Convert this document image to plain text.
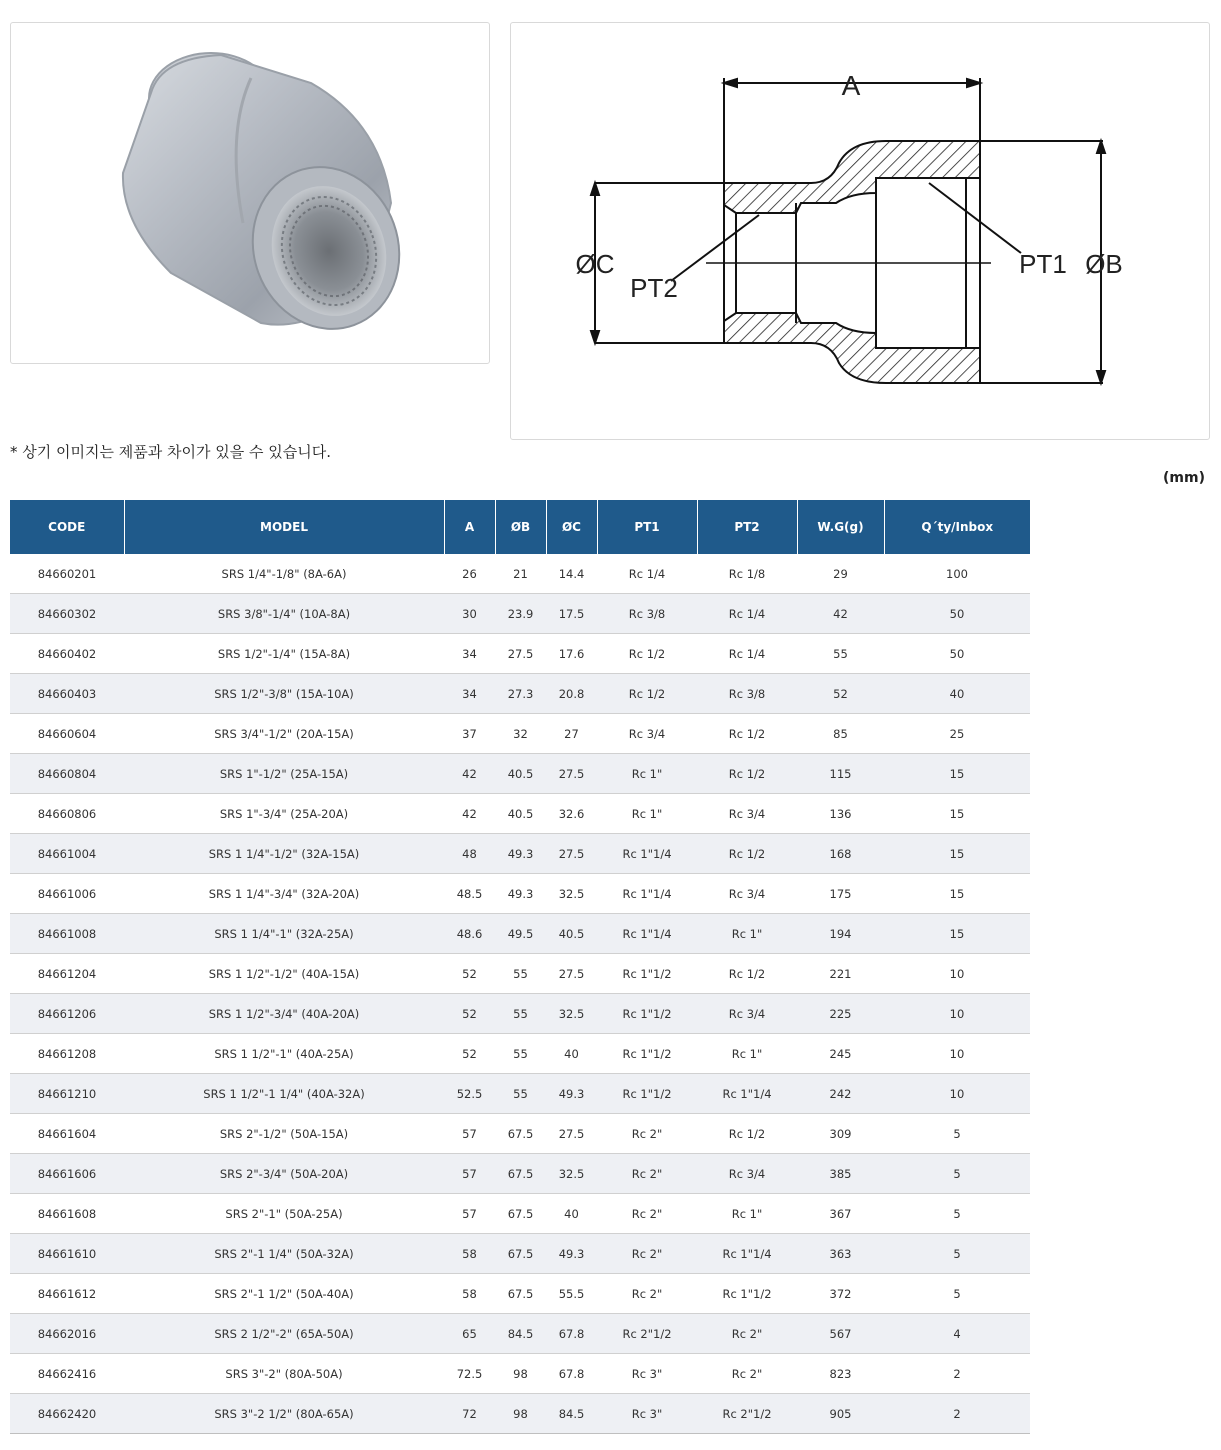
A
ØC
PT2
PT1 ØB
* 상기 이미지는 제품과 차이가 있을 수 있습니다.
(mm)
CODE	MODEL	A	ØB	ØC	PT1	PT2	W.G(g)	Q´ty/Inbox
84660201	SRS 1/4"-1/8" (8A-6A)	26	21	14.4	Rc 1/4	Rc 1/8	29	100
84660302	SRS 3/8"-1/4" (10A-8A)	30	23.9	17.5	Rc 3/8	Rc 1/4	42	50
84660402	SRS 1/2"-1/4" (15A-8A)	34	27.5	17.6	Rc 1/2	Rc 1/4	55	50
84660403	SRS 1/2"-3/8" (15A-10A)	34	27.3	20.8	Rc 1/2	Rc 3/8	52	40
84660604	SRS 3/4"-1/2" (20A-15A)	37	32	27	Rc 3/4	Rc 1/2	85	25
84660804	SRS 1"-1/2" (25A-15A)	42	40.5	27.5	Rc 1"	Rc 1/2	115	15
84660806	SRS 1"-3/4" (25A-20A)	42	40.5	32.6	Rc 1"	Rc 3/4	136	15
84661004	SRS 1 1/4"-1/2" (32A-15A)	48	49.3	27.5	Rc 1"1/4	Rc 1/2	168	15
84661006	SRS 1 1/4"-3/4" (32A-20A)	48.5	49.3	32.5	Rc 1"1/4	Rc 3/4	175	15
84661008	SRS 1 1/4"-1" (32A-25A)	48.6	49.5	40.5	Rc 1"1/4	Rc 1"	194	15
84661204	SRS 1 1/2"-1/2" (40A-15A)	52	55	27.5	Rc 1"1/2	Rc 1/2	221	10
84661206	SRS 1 1/2"-3/4" (40A-20A)	52	55	32.5	Rc 1"1/2	Rc 3/4	225	10
84661208	SRS 1 1/2"-1" (40A-25A)	52	55	40	Rc 1"1/2	Rc 1"	245	10
84661210	SRS 1 1/2"-1 1/4" (40A-32A)	52.5	55	49.3	Rc 1"1/2	Rc 1"1/4	242	10
84661604	SRS 2"-1/2" (50A-15A)	57	67.5	27.5	Rc 2"	Rc 1/2	309	5
84661606	SRS 2"-3/4" (50A-20A)	57	67.5	32.5	Rc 2"	Rc 3/4	385	5
84661608	SRS 2"-1" (50A-25A)	57	67.5	40	Rc 2"	Rc 1"	367	5
84661610	SRS 2"-1 1/4" (50A-32A)	58	67.5	49.3	Rc 2"	Rc 1"1/4	363	5
84661612	SRS 2"-1 1/2" (50A-40A)	58	67.5	55.5	Rc 2"	Rc 1"1/2	372	5
84662016	SRS 2 1/2"-2" (65A-50A)	65	84.5	67.8	Rc 2"1/2	Rc 2"	567	4
84662416	SRS 3"-2" (80A-50A)	72.5	98	67.8	Rc 3"	Rc 2"	823	2
84662420	SRS 3"-2 1/2" (80A-65A)	72	98	84.5	Rc 3"	Rc 2"1/2	905	2
